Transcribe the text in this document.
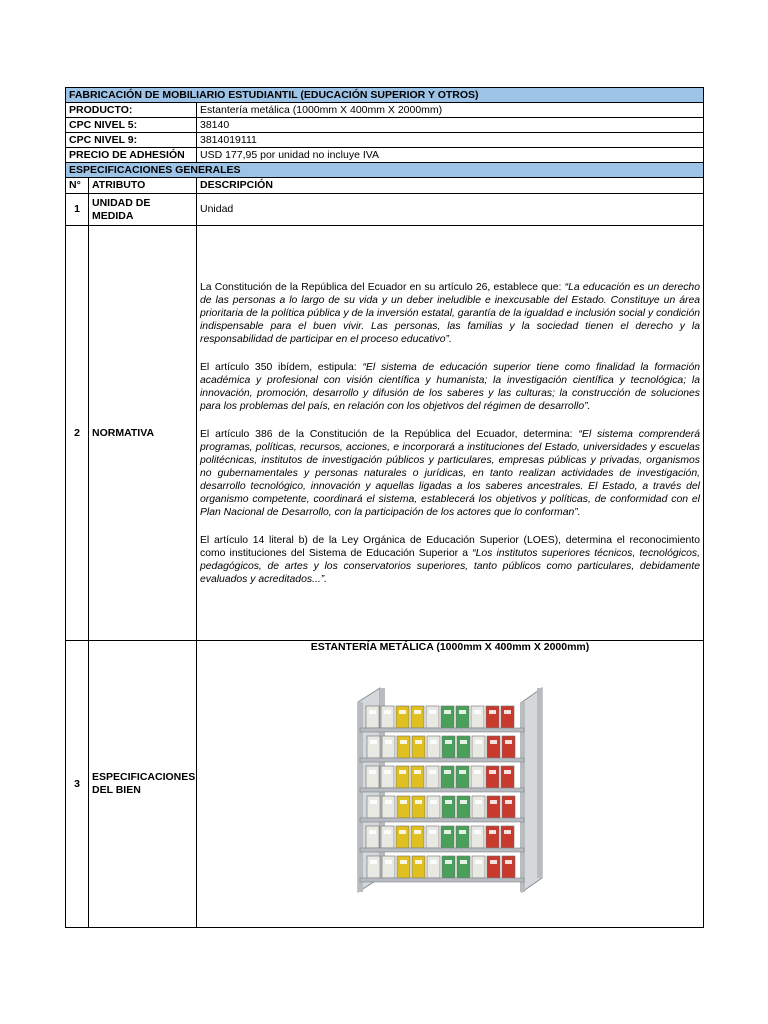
FABRICACIÓN DE MOBILIARIO ESTUDIANTIL (EDUCACIÓN SUPERIOR Y OTROS)		
PRODUCTO:		Estantería metálica (1000mm X 400mm X 2000mm)
CPC NIVEL 5:		38140
CPC NIVEL 9:		3814019111
PRECIO DE ADHESIÓN		USD 177,95 por unidad no incluye IVA
ESPECIFICACIONES GENERALES		
N°	ATRIBUTO	DESCRIPCIÓN
1	UNIDAD DE MEDIDA	Unidad
2	NORMATIVA	La Constitución de la República del Ecuador en su artículo 26, establece que: “La educación es un derecho de las personas a lo largo de su vida y un deber ineludible e inexcusable del Estado. Constituye un área prioritaria de la política pública y de la inversión estatal, garantía de la igualdad e inclusión social y condición indispensable para el buen vivir. Las personas, las familias y la sociedad tienen el derecho y la responsabilidad de participar en el proceso educativo”.

El artículo 350 ibídem, estipula: “El sistema de educación superior tiene como finalidad la formación académica y profesional con visión científica y humanista; la investigación científica y tecnológica; la innovación, promoción, desarrollo y difusión de los saberes y las culturas; la construcción de soluciones para los problemas del país, en relación con los objetivos del régimen de desarrollo”.

El artículo 386 de la Constitución de la República del Ecuador, determina: “El sistema comprenderá programas, políticas, recursos, acciones, e incorporará a instituciones del Estado, universidades y escuelas politécnicas, institutos de investigación públicos y particulares, empresas públicas y privadas, organismos no gubernamentales y personas naturales o jurídicas, en tanto realizan actividades de investigación, desarrollo tecnológico, innovación y aquellas ligadas a los saberes ancestrales. El Estado, a través del organismo competente, coordinará el sistema, establecerá los objetivos y políticas, de conformidad con el Plan Nacional de Desarrollo, con la participación de los actores que lo conforman”.

El artículo 14 literal b) de la Ley Orgánica de Educación Superior (LOES), determina el reconocimiento como instituciones del Sistema de Educación Superior a “Los institutos superiores técnicos, tecnológicos, pedagógicos, de artes y los conservatorios superiores, tanto públicos como particulares, debidamente evaluados y acreditados...”.

3	ESPECIFICACIONES DEL BIEN	ESTANTERÍA METÁLICA (1000mm X 400mm X 2000mm)
